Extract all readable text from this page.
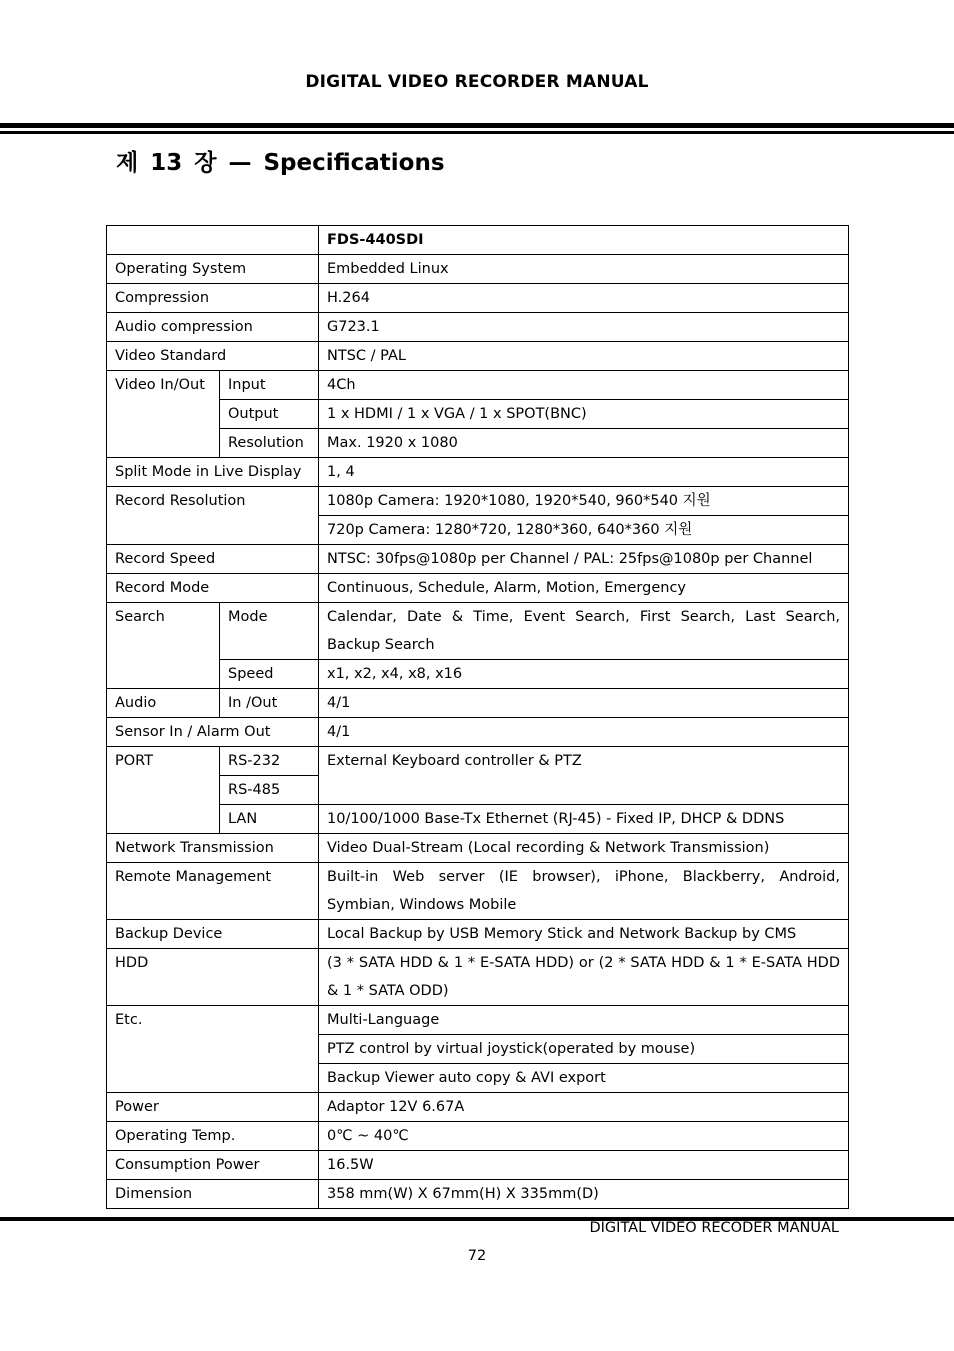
DIGITAL VIDEO RECORDER MANUAL
제 13 장 — Specifications
		FDS-440SDI
Operating System		Embedded Linux
Compression		H.264
Audio compression		G723.1
Video Standard		NTSC / PAL
Video In/Out	Input	4Ch
	Output	1 x HDMI / 1 x VGA / 1 x SPOT(BNC)
	Resolution	Max. 1920 x 1080
Split Mode in Live Display		1, 4
Record Resolution		1080p Camera: 1920*1080, 1920*540, 960*540 지원
		720p Camera: 1280*720, 1280*360, 640*360 지원
Record Speed		NTSC: 30fps@1080p per Channel / PAL: 25fps@1080p per Channel
Record Mode		Continuous, Schedule, Alarm, Motion, Emergency
Search	Mode	Calendar, Date & Time, Event Search, First Search, Last Search, Backup Search
	Speed	x1, x2, x4, x8, x16
Audio	In /Out	4/1
Sensor In / Alarm Out		4/1
PORT	RS-232	External Keyboard controller & PTZ
	RS-485	
	LAN	10/100/1000 Base-Tx Ethernet (RJ-45) - Fixed IP, DHCP & DDNS
Network Transmission		Video Dual-Stream (Local recording & Network Transmission)
Remote Management		Built-in Web server (IE browser), iPhone, Blackberry, Android, Symbian, Windows Mobile
Backup Device		Local Backup by USB Memory Stick and Network Backup by CMS
HDD		(3 * SATA HDD & 1 * E-SATA HDD) or (2 * SATA HDD & 1 * E-SATA HDD & 1 * SATA ODD)
Etc.		Multi-Language
		PTZ control by virtual joystick(operated by mouse)
		Backup Viewer auto copy & AVI export
Power		Adaptor 12V 6.67A
Operating Temp.		0℃ ~ 40℃
Consumption Power		16.5W
Dimension		358 mm(W) X 67mm(H) X 335mm(D)
DIGITAL VIDEO RECODER MANUAL
72
